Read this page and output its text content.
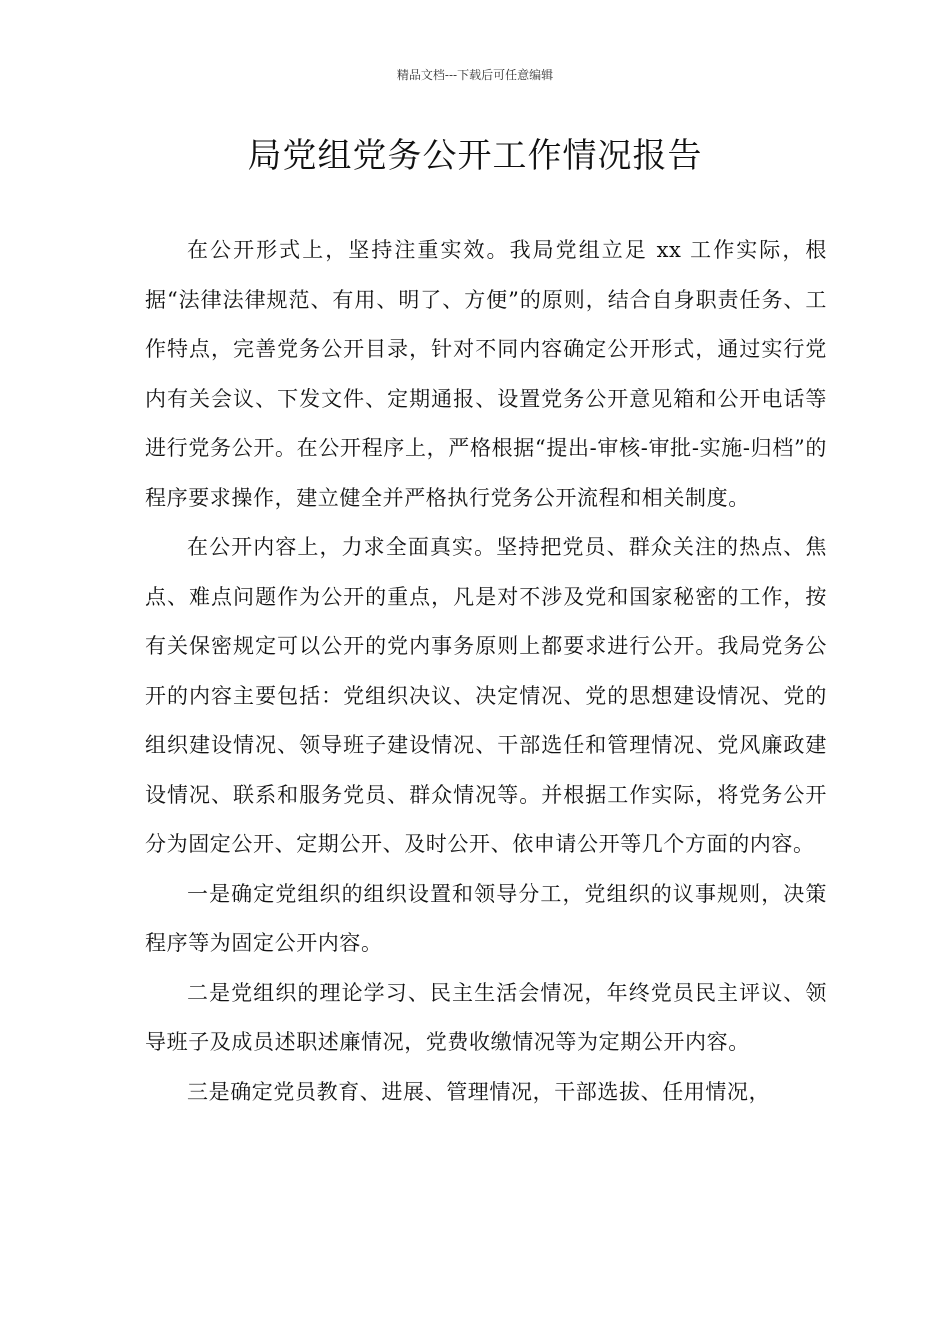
精品文档---下载后可任意编辑
局党组党务公开工作情况报告

在公开形式上，坚持注重实效。我局党组立足 xx 工作实际，根据“法律法律规范、有用、明了、方便”的原则，结合自身职责任务、工作特点，完善党务公开目录，针对不同内容确定公开形式，通过实行党内有关会议、下发文件、定期通报、设置党务公开意见箱和公开电话等进行党务公开。在公开程序上，严格根据“提出-审核-审批-实施-归档”的程序要求操作，建立健全并严格执行党务公开流程和相关制度。

在公开内容上，力求全面真实。坚持把党员、群众关注的热点、焦点、难点问题作为公开的重点，凡是对不涉及党和国家秘密的工作，按有关保密规定可以公开的党内事务原则上都要求进行公开。我局党务公开的内容主要包括：党组织决议、决定情况、党的思想建设情况、党的组织建设情况、领导班子建设情况、干部选任和管理情况、党风廉政建设情况、联系和服务党员、群众情况等。并根据工作实际，将党务公开分为固定公开、定期公开、及时公开、依申请公开等几个方面的内容。

一是确定党组织的组织设置和领导分工，党组织的议事规则，决策程序等为固定公开内容。

二是党组织的理论学习、民主生活会情况，年终党员民主评议、领导班子及成员述职述廉情况，党费收缴情况等为定期公开内容。

三是确定党员教育、进展、管理情况，干部选拔、任用情况，
